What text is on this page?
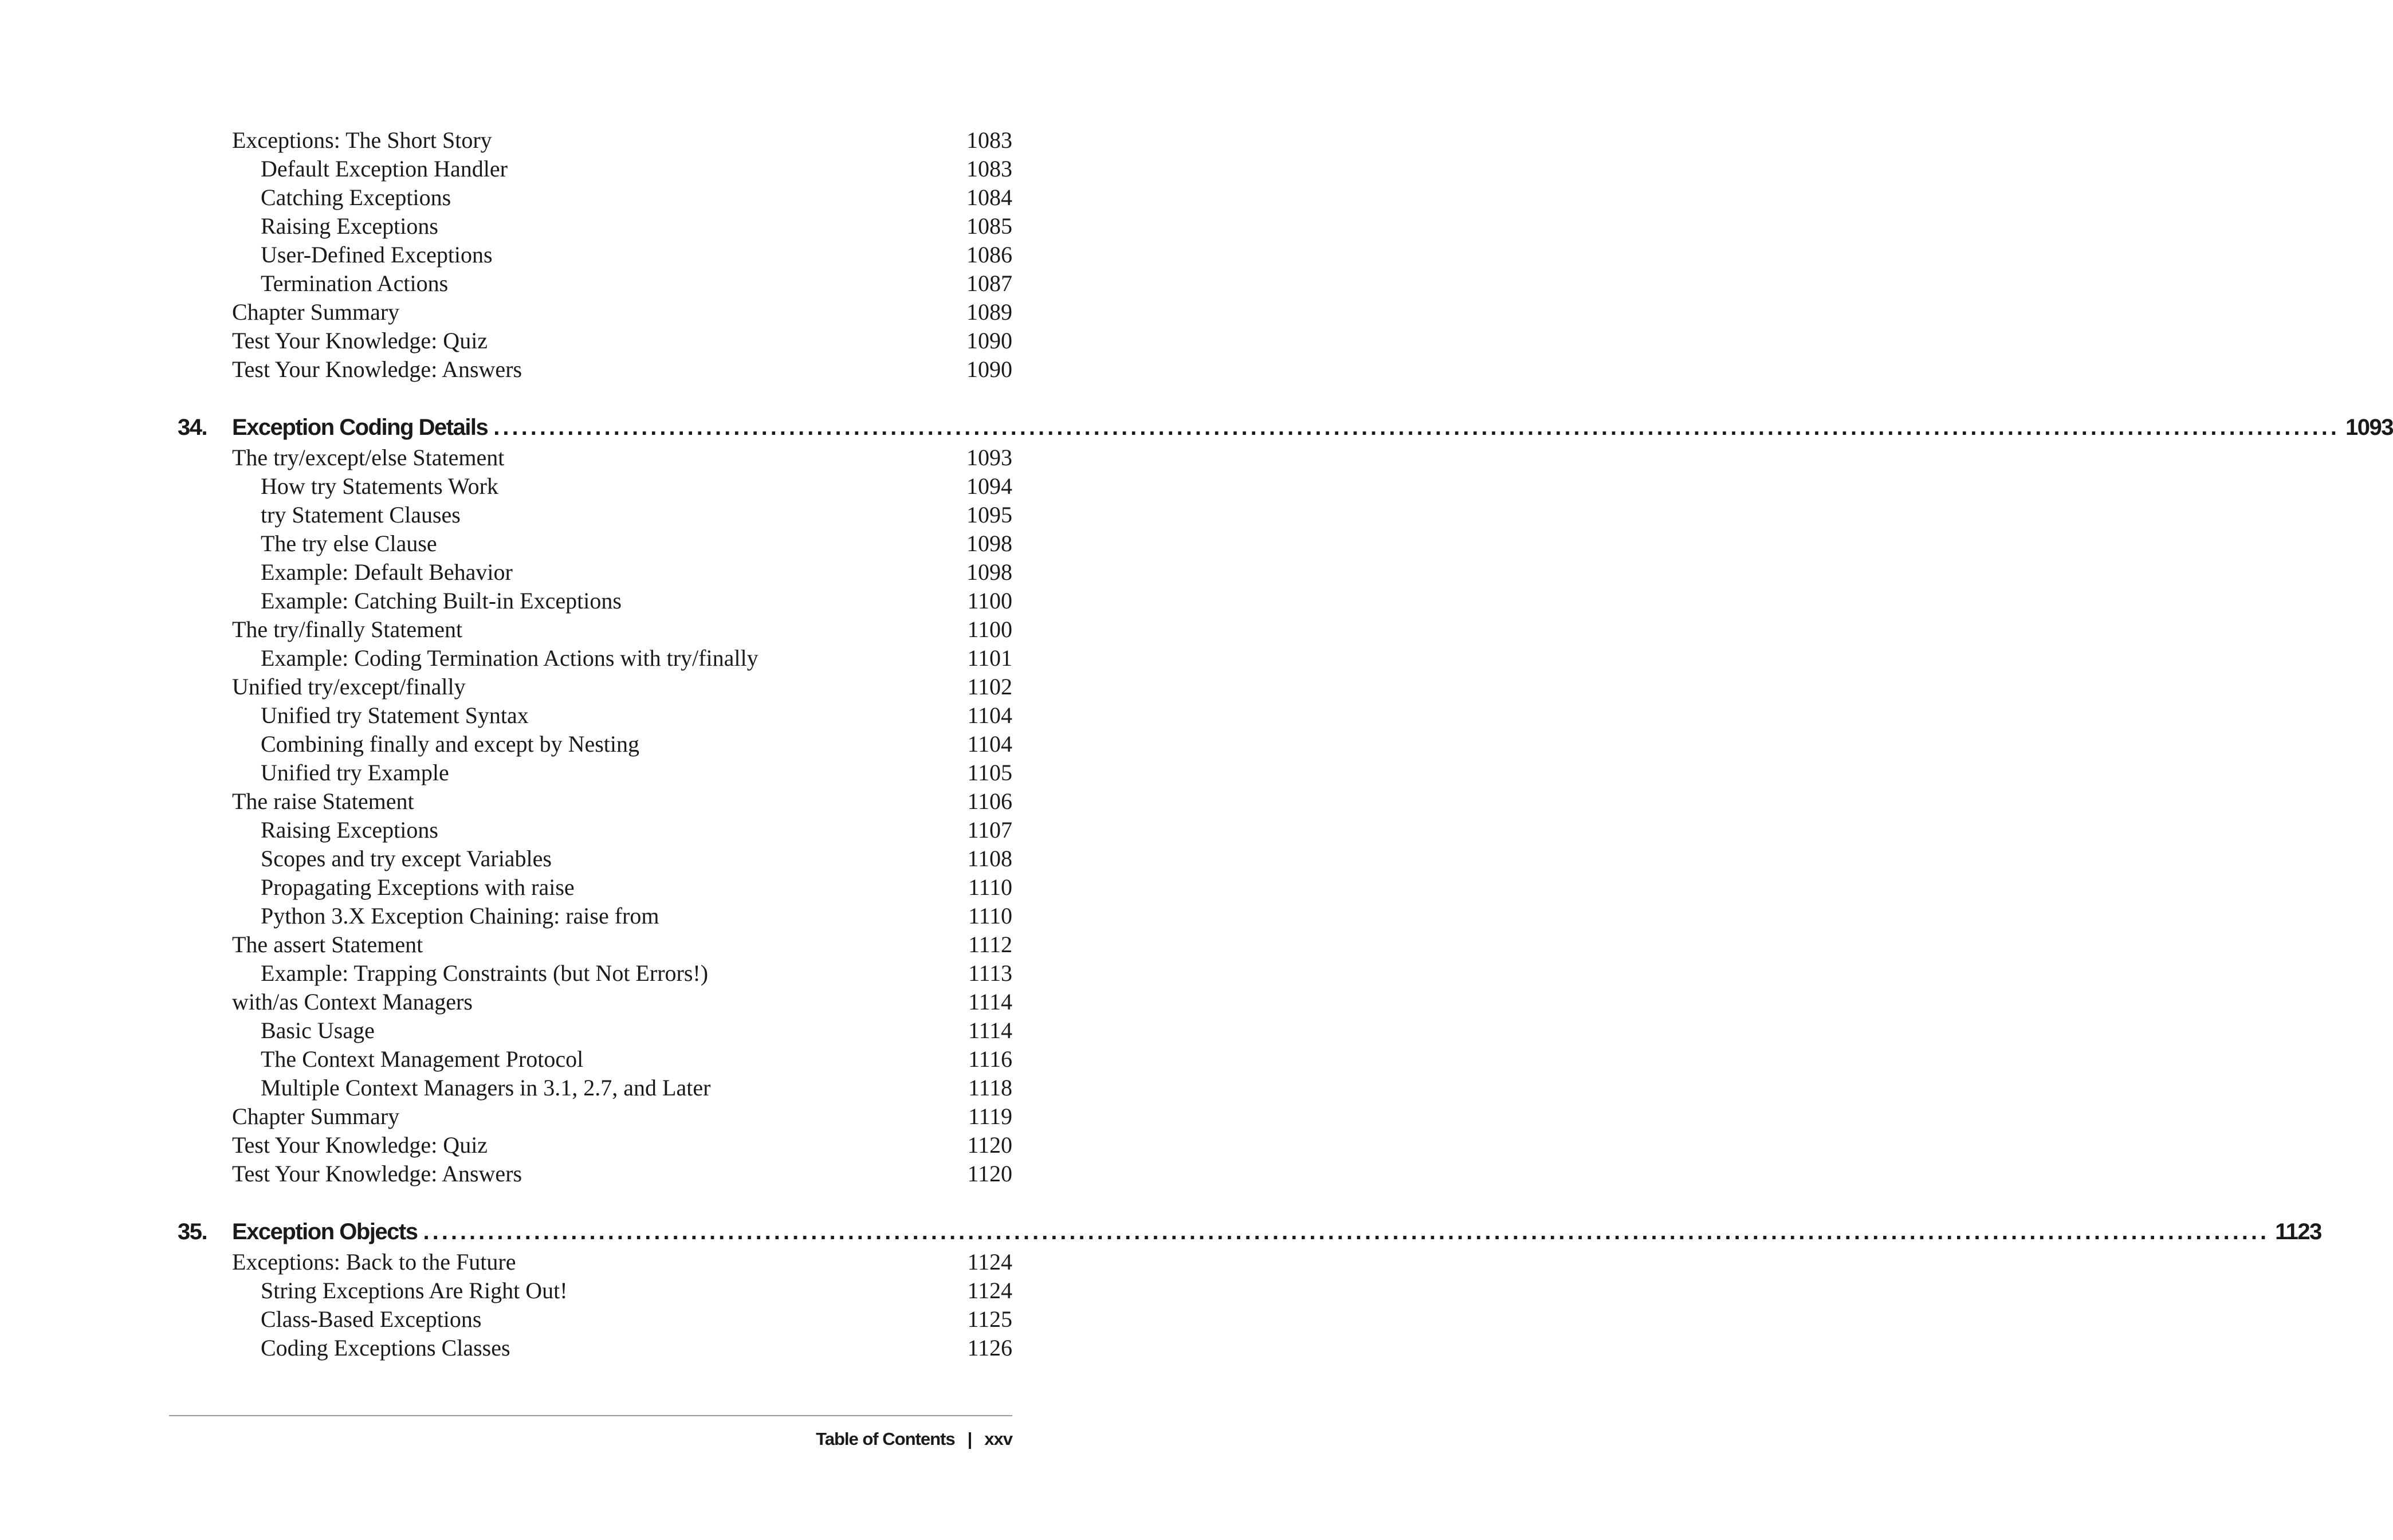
Exceptions: The Short Story	1083
Default Exception Handler	1083
Catching Exceptions	1084
Raising Exceptions	1085
User-Defined Exceptions	1086
Termination Actions	1087
Chapter Summary	1089
Test Your Knowledge: Quiz	1090
Test Your Knowledge: Answers	1090
34. Exception Coding Details ........................................................................................................................................................................................................ 1093
The try/except/else Statement	1093
How try Statements Work	1094
try Statement Clauses	1095
The try else Clause	1098
Example: Default Behavior	1098
Example: Catching Built-in Exceptions	1100
The try/finally Statement	1100
Example: Coding Termination Actions with try/finally	1101
Unified try/except/finally	1102
Unified try Statement Syntax	1104
Combining finally and except by Nesting	1104
Unified try Example	1105
The raise Statement	1106
Raising Exceptions	1107
Scopes and try except Variables	1108
Propagating Exceptions with raise	1110
Python 3.X Exception Chaining: raise from	1110
The assert Statement	1112
Example: Trapping Constraints (but Not Errors!)	1113
with/as Context Managers	1114
Basic Usage	1114
The Context Management Protocol	1116
Multiple Context Managers in 3.1, 2.7, and Later	1118
Chapter Summary	1119
Test Your Knowledge: Quiz	1120
Test Your Knowledge: Answers	1120
35. Exception Objects ........................................................................................................................................................................................................ 1123
Exceptions: Back to the Future	1124
String Exceptions Are Right Out!	1124
Class-Based Exceptions	1125
Coding Exceptions Classes	1126
Table of Contents | xxv
